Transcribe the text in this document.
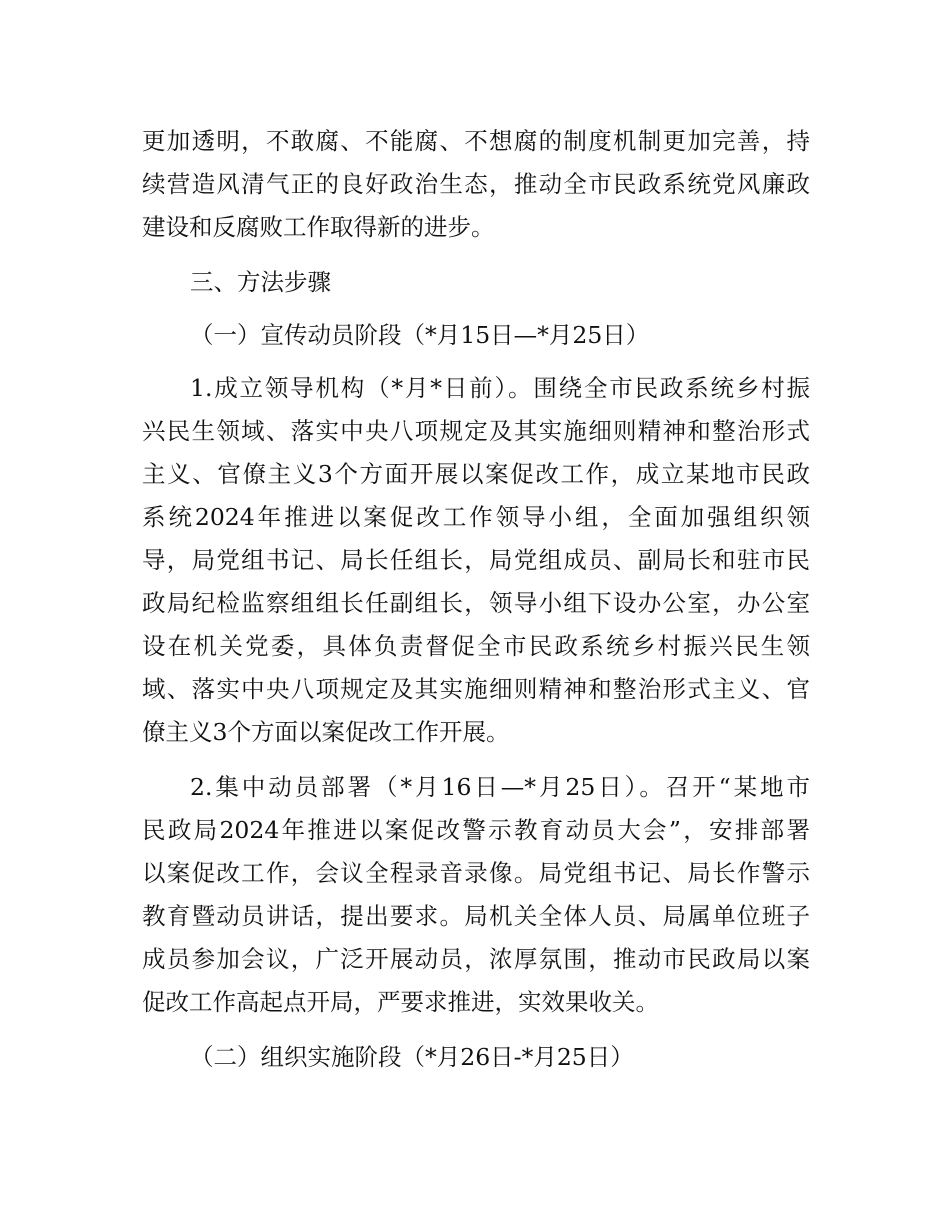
更加透明，不敢腐、不能腐、不想腐的制度机制更加完善，持
续营造风清气正的良好政治生态，推动全市民政系统党风廉政
建设和反腐败工作取得新的进步。
三、方法步骤
（一）宣传动员阶段（*月15日—*月25日）
1.成立领导机构（*月*日前）。围绕全市民政系统乡村振
兴民生领域、落实中央八项规定及其实施细则精神和整治形式
主义、官僚主义3个方面开展以案促改工作，成立某地市民政
系统2024年推进以案促改工作领导小组，全面加强组织领
导，局党组书记、局长任组长，局党组成员、副局长和驻市民
政局纪检监察组组长任副组长，领导小组下设办公室，办公室
设在机关党委，具体负责督促全市民政系统乡村振兴民生领
域、落实中央八项规定及其实施细则精神和整治形式主义、官
僚主义3个方面以案促改工作开展。
2.集中动员部署（*月16日—*月25日）。召开“某地市
民政局2024年推进以案促改警示教育动员大会”，安排部署
以案促改工作，会议全程录音录像。局党组书记、局长作警示
教育暨动员讲话，提出要求。局机关全体人员、局属单位班子
成员参加会议，广泛开展动员，浓厚氛围，推动市民政局以案
促改工作高起点开局，严要求推进，实效果收关。
（二）组织实施阶段（*月26日-*月25日）
